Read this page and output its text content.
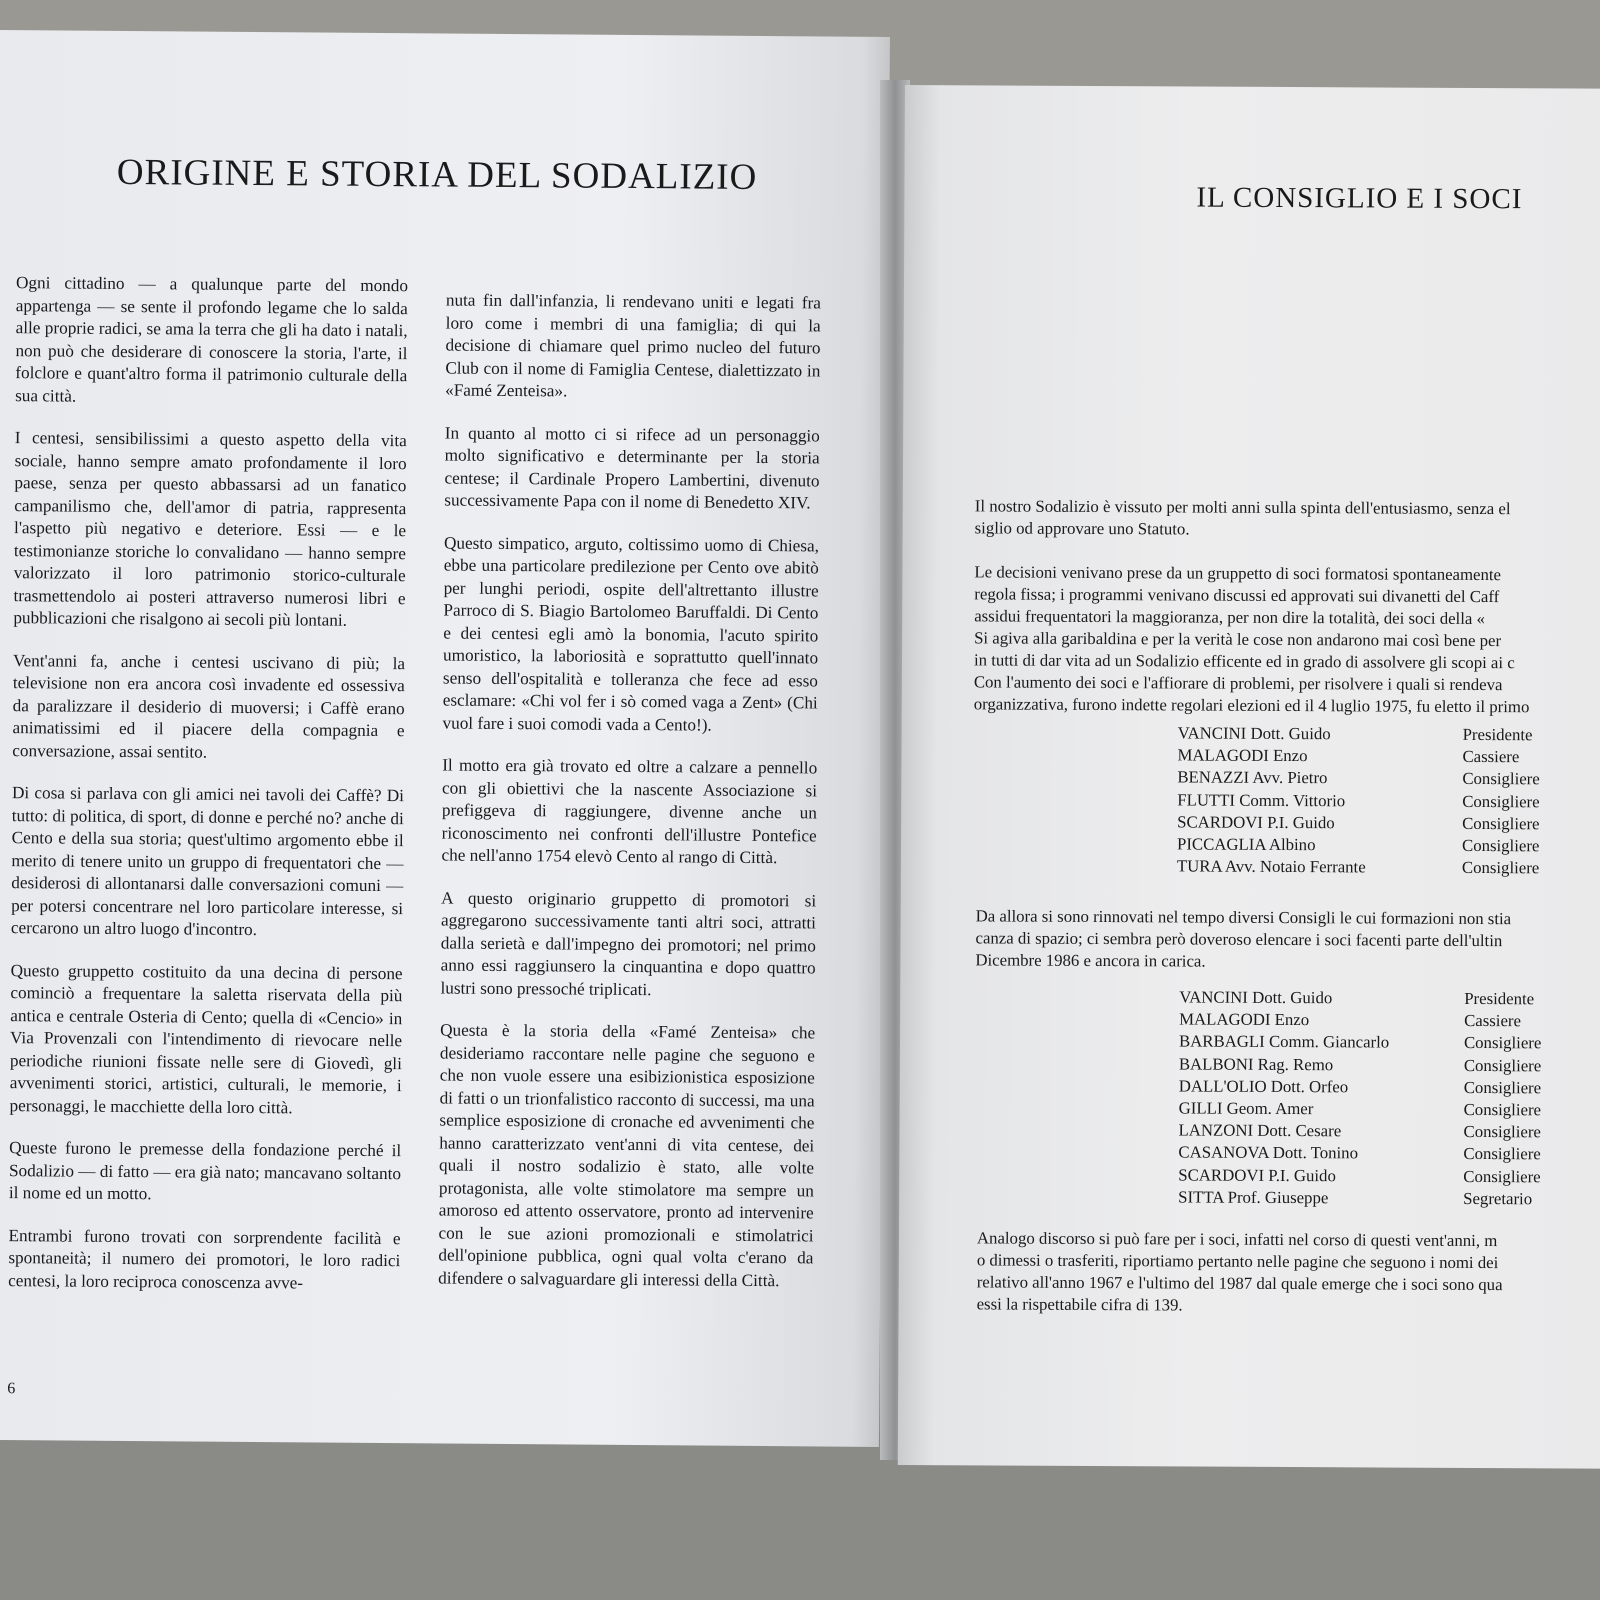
ORIGINE E STORIA DEL SODALIZIO

Ogni cittadino — a qualunque parte del mondo appartenga — se sente il profondo legame che lo salda alle proprie radici, se ama la terra che gli ha dato i natali, non può che desiderare di conoscere la storia, l'arte, il folclore e quant'altro forma il patrimonio culturale della sua città.

I centesi, sensibilissimi a questo aspetto della vita sociale, hanno sempre amato profondamente il loro paese, senza per questo abbassarsi ad un fanatico campanilismo che, dell'amor di patria, rappresenta l'aspetto più negativo e deteriore. Essi — e le testimonianze storiche lo convalidano — hanno sempre valorizzato il loro patrimonio storico-culturale trasmettendolo ai posteri attraverso numerosi libri e pubblicazioni che risalgono ai secoli più lontani.

Vent'anni fa, anche i centesi uscivano di più; la televisione non era ancora così invadente ed ossessiva da paralizzare il desiderio di muoversi; i Caffè erano animatissimi ed il piacere della compagnia e conversazione, assai sentito.

Di cosa si parlava con gli amici nei tavoli dei Caffè? Di tutto: di politica, di sport, di donne e perché no? anche di Cento e della sua storia; quest'ultimo argomento ebbe il merito di tenere unito un gruppo di frequentatori che — desiderosi di allontanarsi dalle conversazioni comuni — per potersi concentrare nel loro particolare interesse, si cercarono un altro luogo d'incontro.

Questo gruppetto costituito da una decina di persone cominciò a frequentare la saletta riservata della più antica e centrale Osteria di Cento; quella di «Cencio» in Via Provenzali con l'intendimento di rievocare nelle periodiche riunioni fissate nelle sere di Giovedì, gli avvenimenti storici, artistici, culturali, le memorie, i personaggi, le macchiette della loro città.

Queste furono le premesse della fondazione perché il Sodalizio — di fatto — era già nato; mancavano soltanto il nome ed un motto.

Entrambi furono trovati con sorprendente facilità e spontaneità; il numero dei promotori, le loro radici centesi, la loro reciproca conoscenza avve-

nuta fin dall'infanzia, li rendevano uniti e legati fra loro come i membri di una famiglia; di qui la decisione di chiamare quel primo nucleo del futuro Club con il nome di Famiglia Centese, dialettizzato in «Famé Zenteisa».

In quanto al motto ci si rifece ad un personaggio molto significativo e determinante per la storia centese; il Cardinale Propero Lambertini, divenuto successivamente Papa con il nome di Benedetto XIV.

Questo simpatico, arguto, coltissimo uomo di Chiesa, ebbe una particolare predilezione per Cento ove abitò per lunghi periodi, ospite dell'altrettanto illustre Parroco di S. Biagio Bartolomeo Baruffaldi. Di Cento e dei centesi egli amò la bonomia, l'acuto spirito umoristico, la laboriosità e soprattutto quell'innato senso dell'ospitalità e tolleranza che fece ad esso esclamare: «Chi vol fer i sò comed vaga a Zent» (Chi vuol fare i suoi comodi vada a Cento!).

Il motto era già trovato ed oltre a calzare a pennello con gli obiettivi che la nascente Associazione si prefiggeva di raggiungere, divenne anche un riconoscimento nei confronti dell'illustre Pontefice che nell'anno 1754 elevò Cento al rango di Città.

A questo originario gruppetto di promotori si aggregarono successivamente tanti altri soci, attratti dalla serietà e dall'impegno dei promotori; nel primo anno essi raggiunsero la cinquantina e dopo quattro lustri sono pressoché triplicati.

Questa è la storia della «Famé Zenteisa» che desideriamo raccontare nelle pagine che seguono e che non vuole essere una esibizionistica esposizione di fatti o un trionfalistico racconto di successi, ma una semplice esposizione di cronache ed avvenimenti che hanno caratterizzato vent'anni di vita centese, dei quali il nostro sodalizio è stato, alle volte protagonista, alle volte stimolatore ma sempre un amoroso ed attento osservatore, pronto ad intervenire con le sue azioni promozionali e stimolatrici dell'opinione pubblica, ogni qual volta c'erano da difendere o salvaguardare gli interessi della Città.

6
IL CONSIGLIO E I SOCI

Il nostro Sodalizio è vissuto per molti anni sulla spinta dell'entusiasmo, senza el
siglio od approvare uno Statuto.

Le decisioni venivano prese da un gruppetto di soci formatosi spontaneamente
regola fissa; i programmi venivano discussi ed approvati sui divanetti del Caff
assidui frequentatori la maggioranza, per non dire la totalità, dei soci della «
Si agiva alla garibaldina e per la verità le cose non andarono mai così bene per
in tutti di dar vita ad un Sodalizio efficente ed in grado di assolvere gli scopi ai c
Con l'aumento dei soci e l'affiorare di problemi, per risolvere i quali si rendeva
organizzativa, furono indette regolari elezioni ed il 4 luglio 1975, fu eletto il primo

VANCINI Dott. Guido	Presidente
MALAGODI Enzo	Cassiere
BENAZZI Avv. Pietro	Consigliere
FLUTTI Comm. Vittorio	Consigliere
SCARDOVI P.I. Guido	Consigliere
PICCAGLIA Albino	Consigliere
TURA Avv. Notaio Ferrante	Consigliere

Da allora si sono rinnovati nel tempo diversi Consigli le cui formazioni non stia
canza di spazio; ci sembra però doveroso elencare i soci facenti parte dell'ultin
Dicembre 1986 e ancora in carica.

VANCINI Dott. Guido	Presidente
MALAGODI Enzo	Cassiere
BARBAGLI Comm. Giancarlo	Consigliere
BALBONI Rag. Remo	Consigliere
DALL'OLIO Dott. Orfeo	Consigliere
GILLI Geom. Amer	Consigliere
LANZONI Dott. Cesare	Consigliere
CASANOVA Dott. Tonino	Consigliere
SCARDOVI P.I. Guido	Consigliere
SITTA Prof. Giuseppe	Segretario

Analogo discorso si può fare per i soci, infatti nel corso di questi vent'anni, m
o dimessi o trasferiti, riportiamo pertanto nelle pagine che seguono i nomi dei
relativo all'anno 1967 e l'ultimo del 1987 dal quale emerge che i soci sono qua
essi la rispettabile cifra di 139.
